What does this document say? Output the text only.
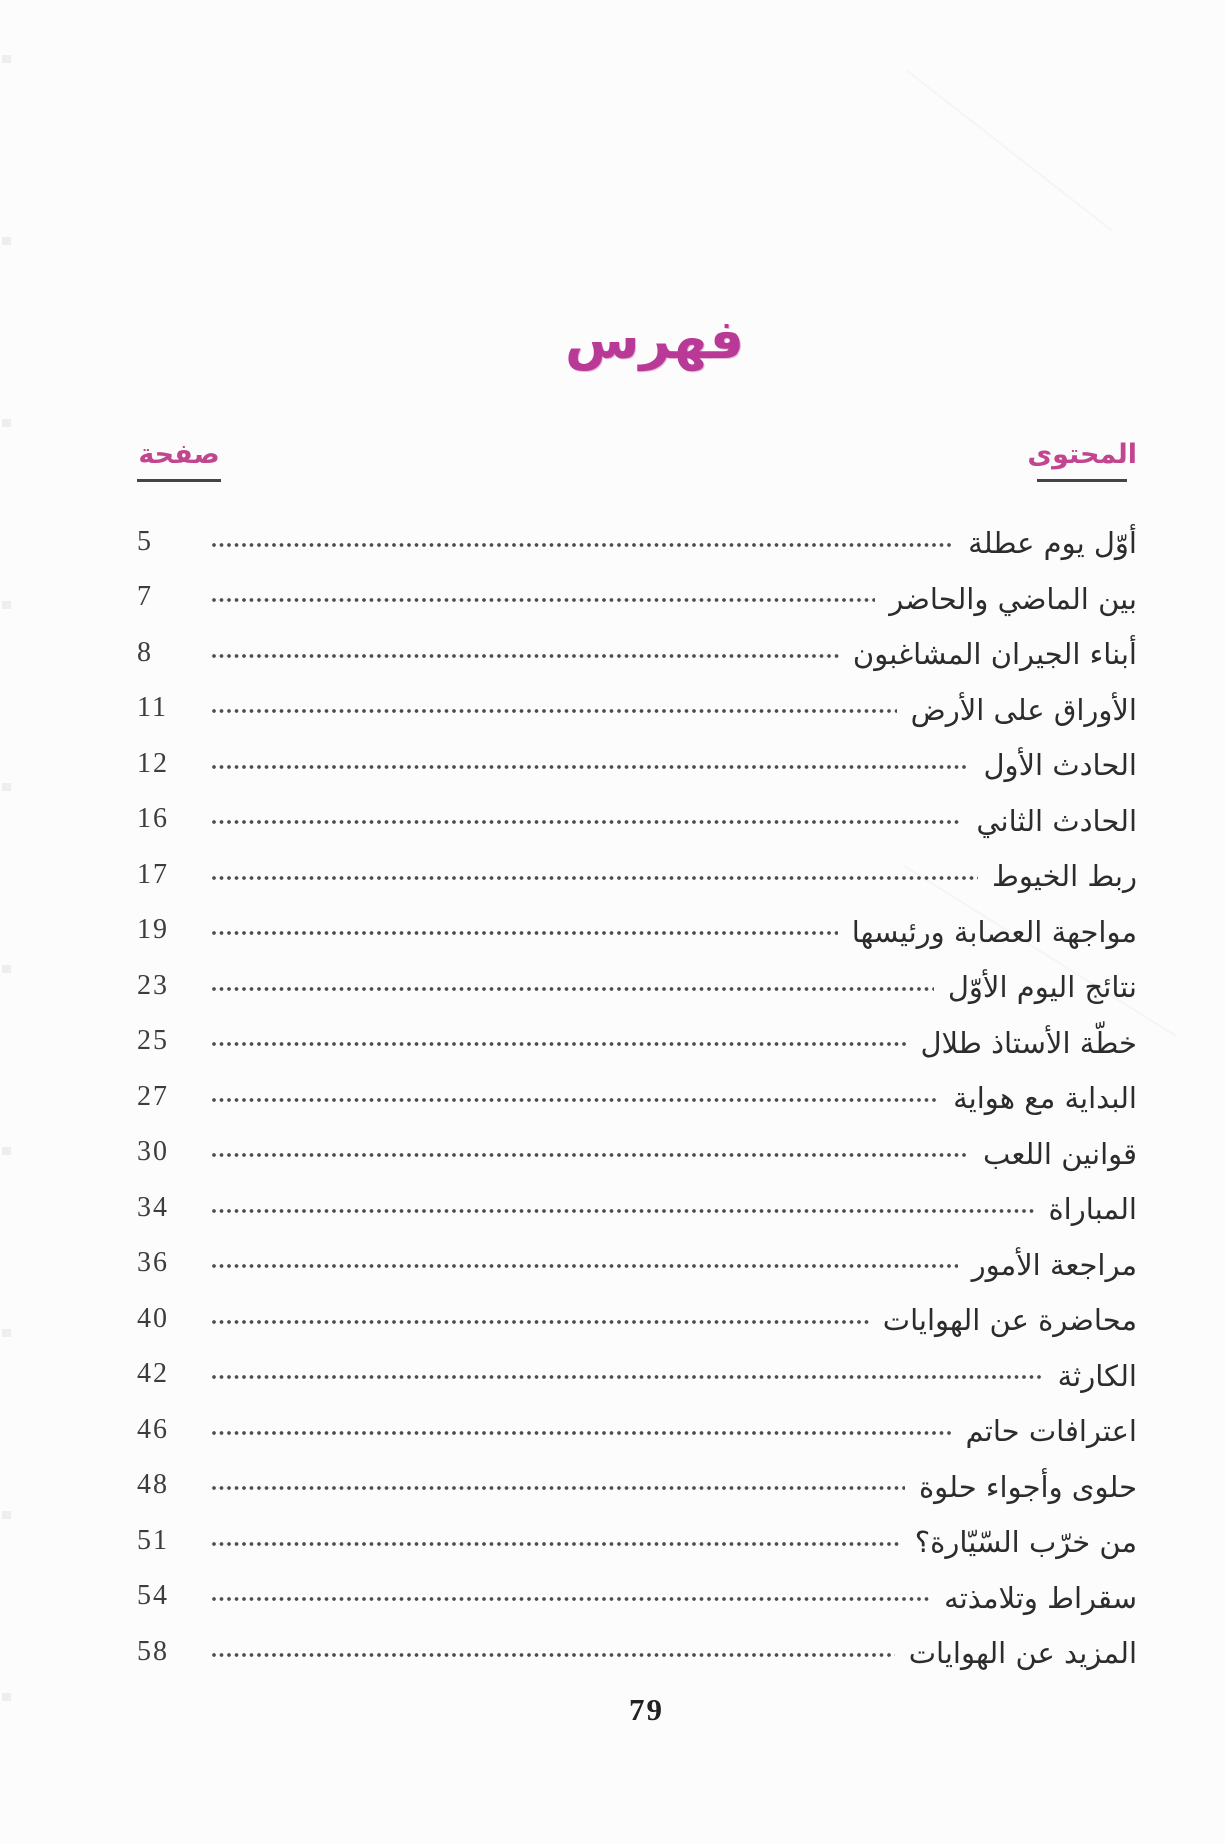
فهرس
صفحة	المحتوى
5	أوّل يوم عطلة
7	بين الماضي والحاضر
8	أبناء الجيران المشاغبون
11	الأوراق على الأرض
12	الحادث الأول
16	الحادث الثاني
17	ربط الخيوط
19	مواجهة العصابة ورئيسها
23	نتائج اليوم الأوّل
25	خطّة الأستاذ طلال
27	البداية مع هواية
30	قوانين اللعب
34	المباراة
36	مراجعة الأمور
40	محاضرة عن الهوايات
42	الكارثة
46	اعترافات حاتم
48	حلوى وأجواء حلوة
51	من خرّب السّيّارة؟
54	سقراط وتلامذته
58	المزيد عن الهوايات
79
